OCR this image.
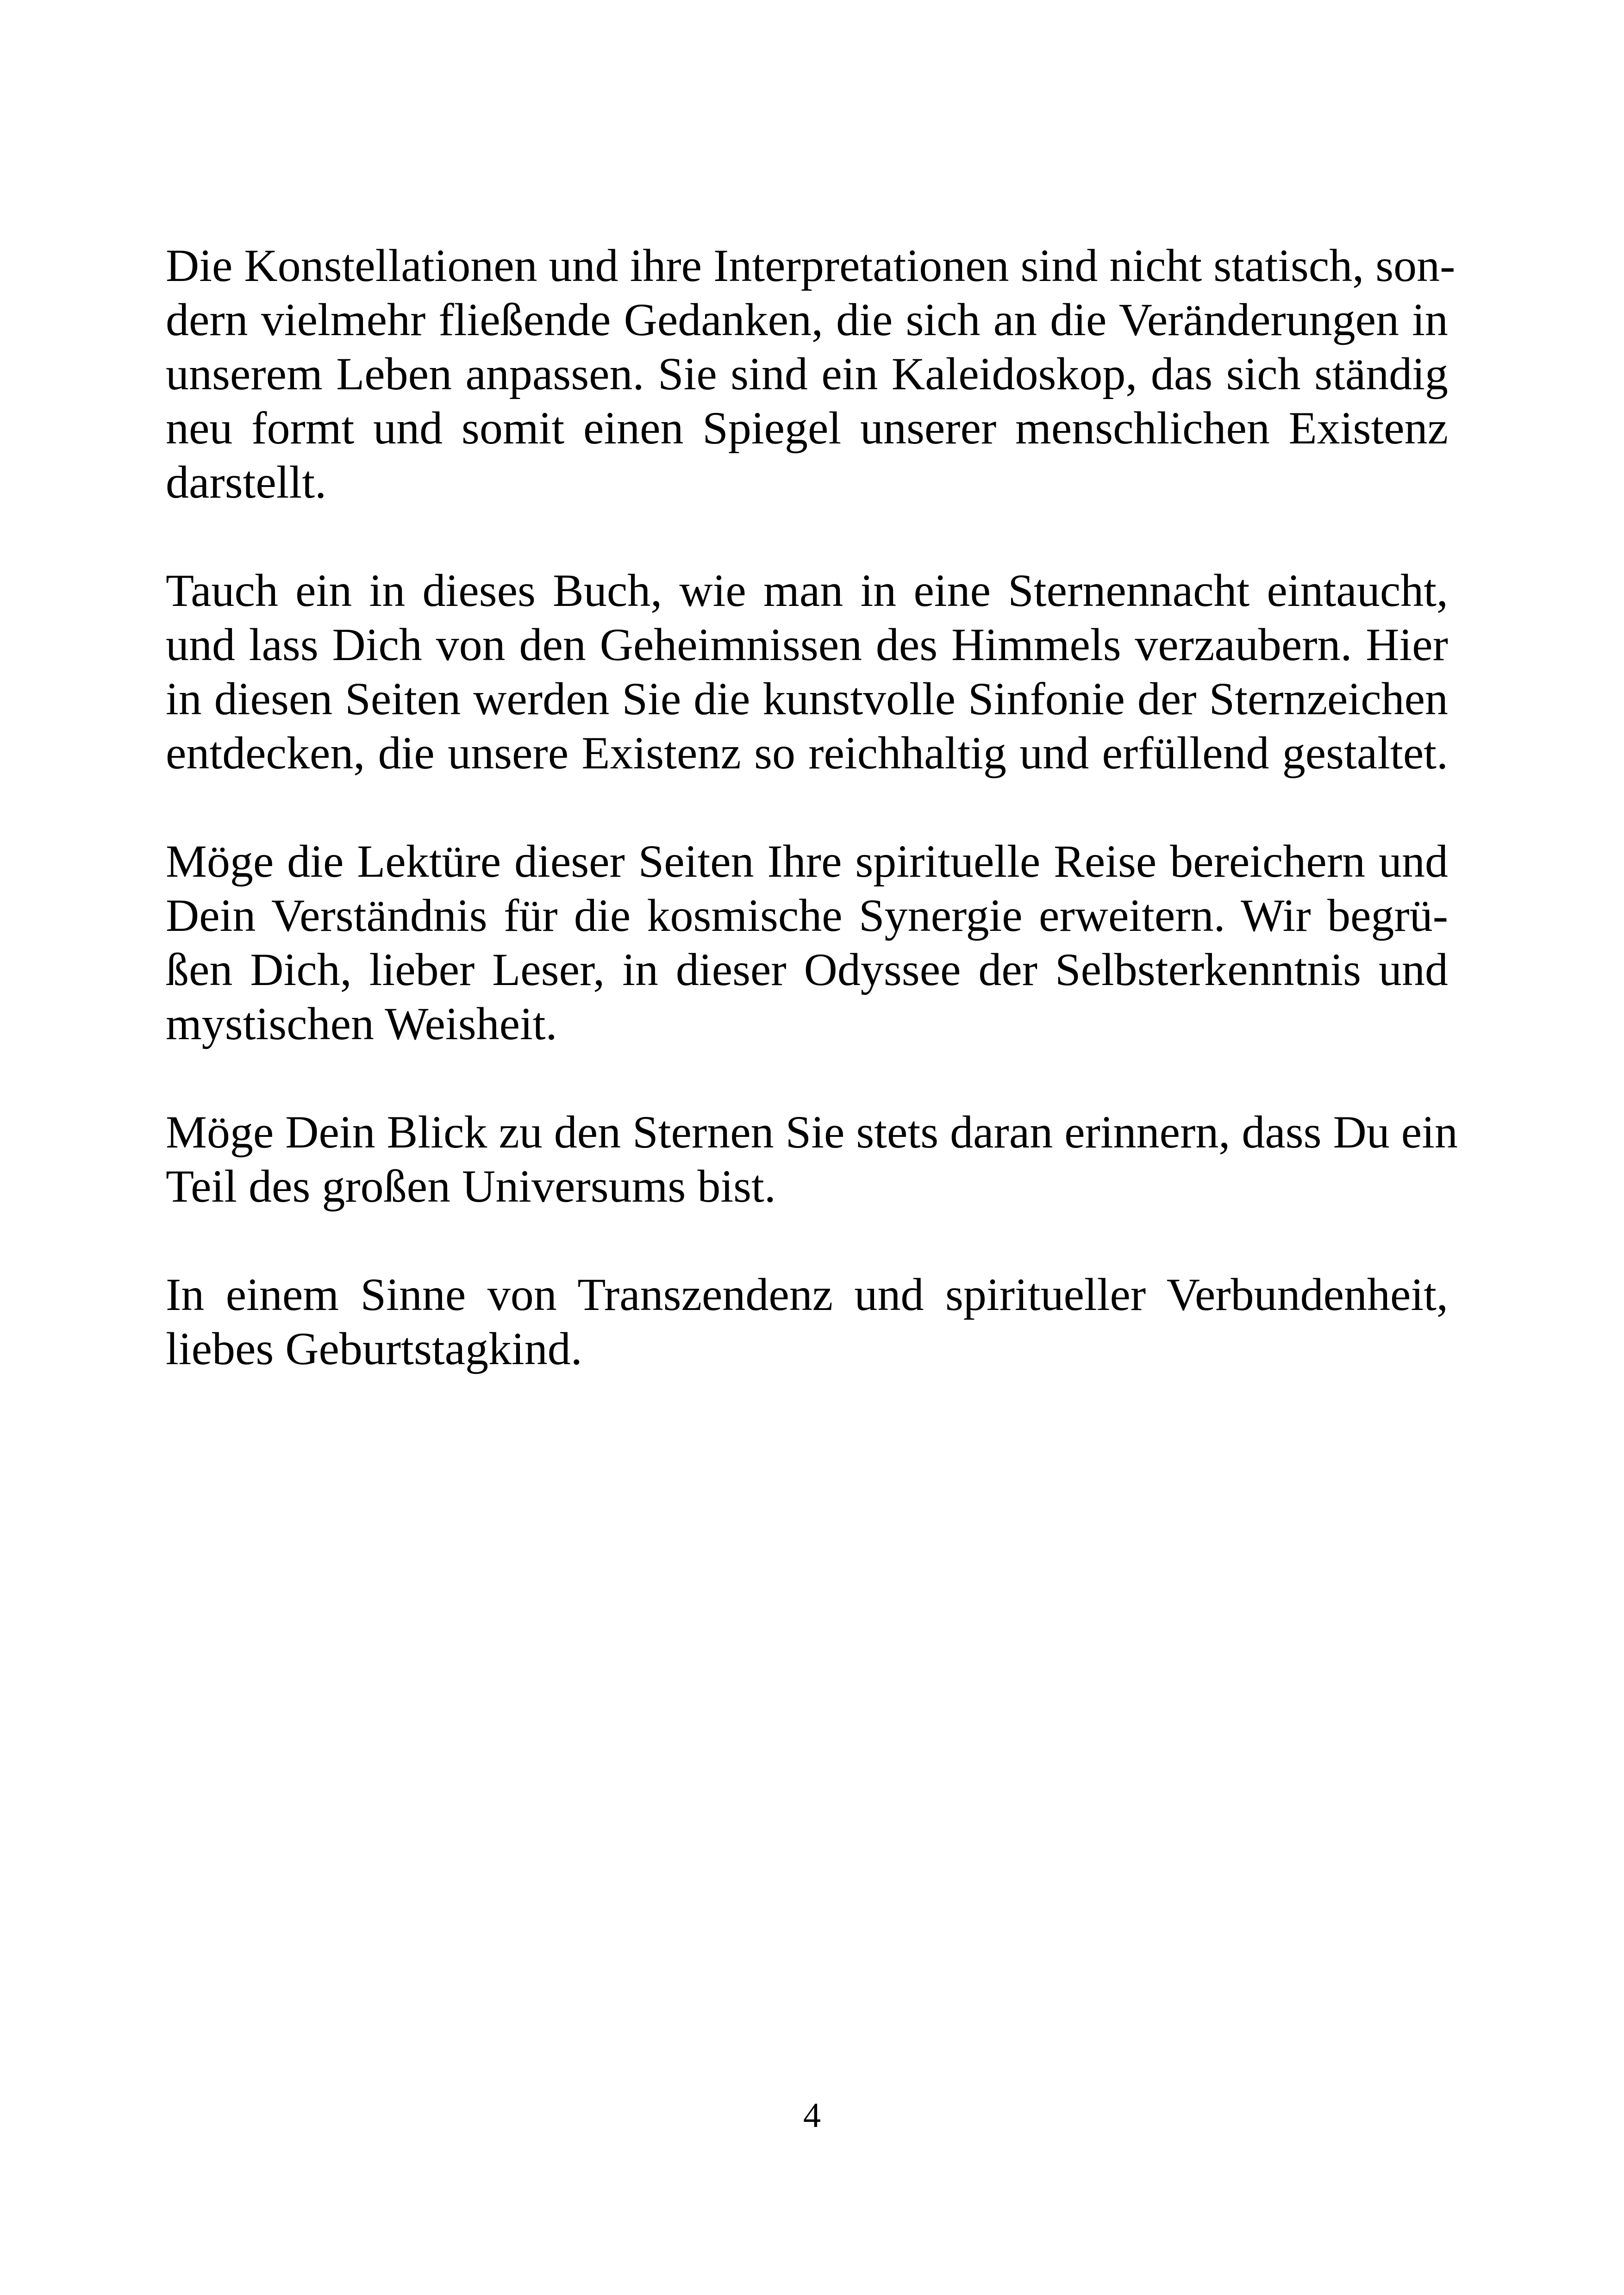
Die Konstellationen und ihre Interpretationen sind nicht statisch, son-
dern vielmehr fließende Gedanken, die sich an die Veränderungen in
unserem Leben anpassen. Sie sind ein Kaleidoskop, das sich ständig
neu formt und somit einen Spiegel unserer menschlichen Existenz
darstellt.
Tauch ein in dieses Buch, wie man in eine Sternennacht eintaucht,
und lass Dich von den Geheimnissen des Himmels verzaubern. Hier
in diesen Seiten werden Sie die kunstvolle Sinfonie der Sternzeichen
entdecken, die unsere Existenz so reichhaltig und erfüllend gestaltet.
Möge die Lektüre dieser Seiten Ihre spirituelle Reise bereichern und
Dein Verständnis für die kosmische Synergie erweitern. Wir begrü-
ßen Dich, lieber Leser, in dieser Odyssee der Selbsterkenntnis und
mystischen Weisheit.
Möge Dein Blick zu den Sternen Sie stets daran erinnern, dass Du ein
Teil des großen Universums bist.
In einem Sinne von Transzendenz und spiritueller Verbundenheit,
liebes Geburtstagkind.
4
